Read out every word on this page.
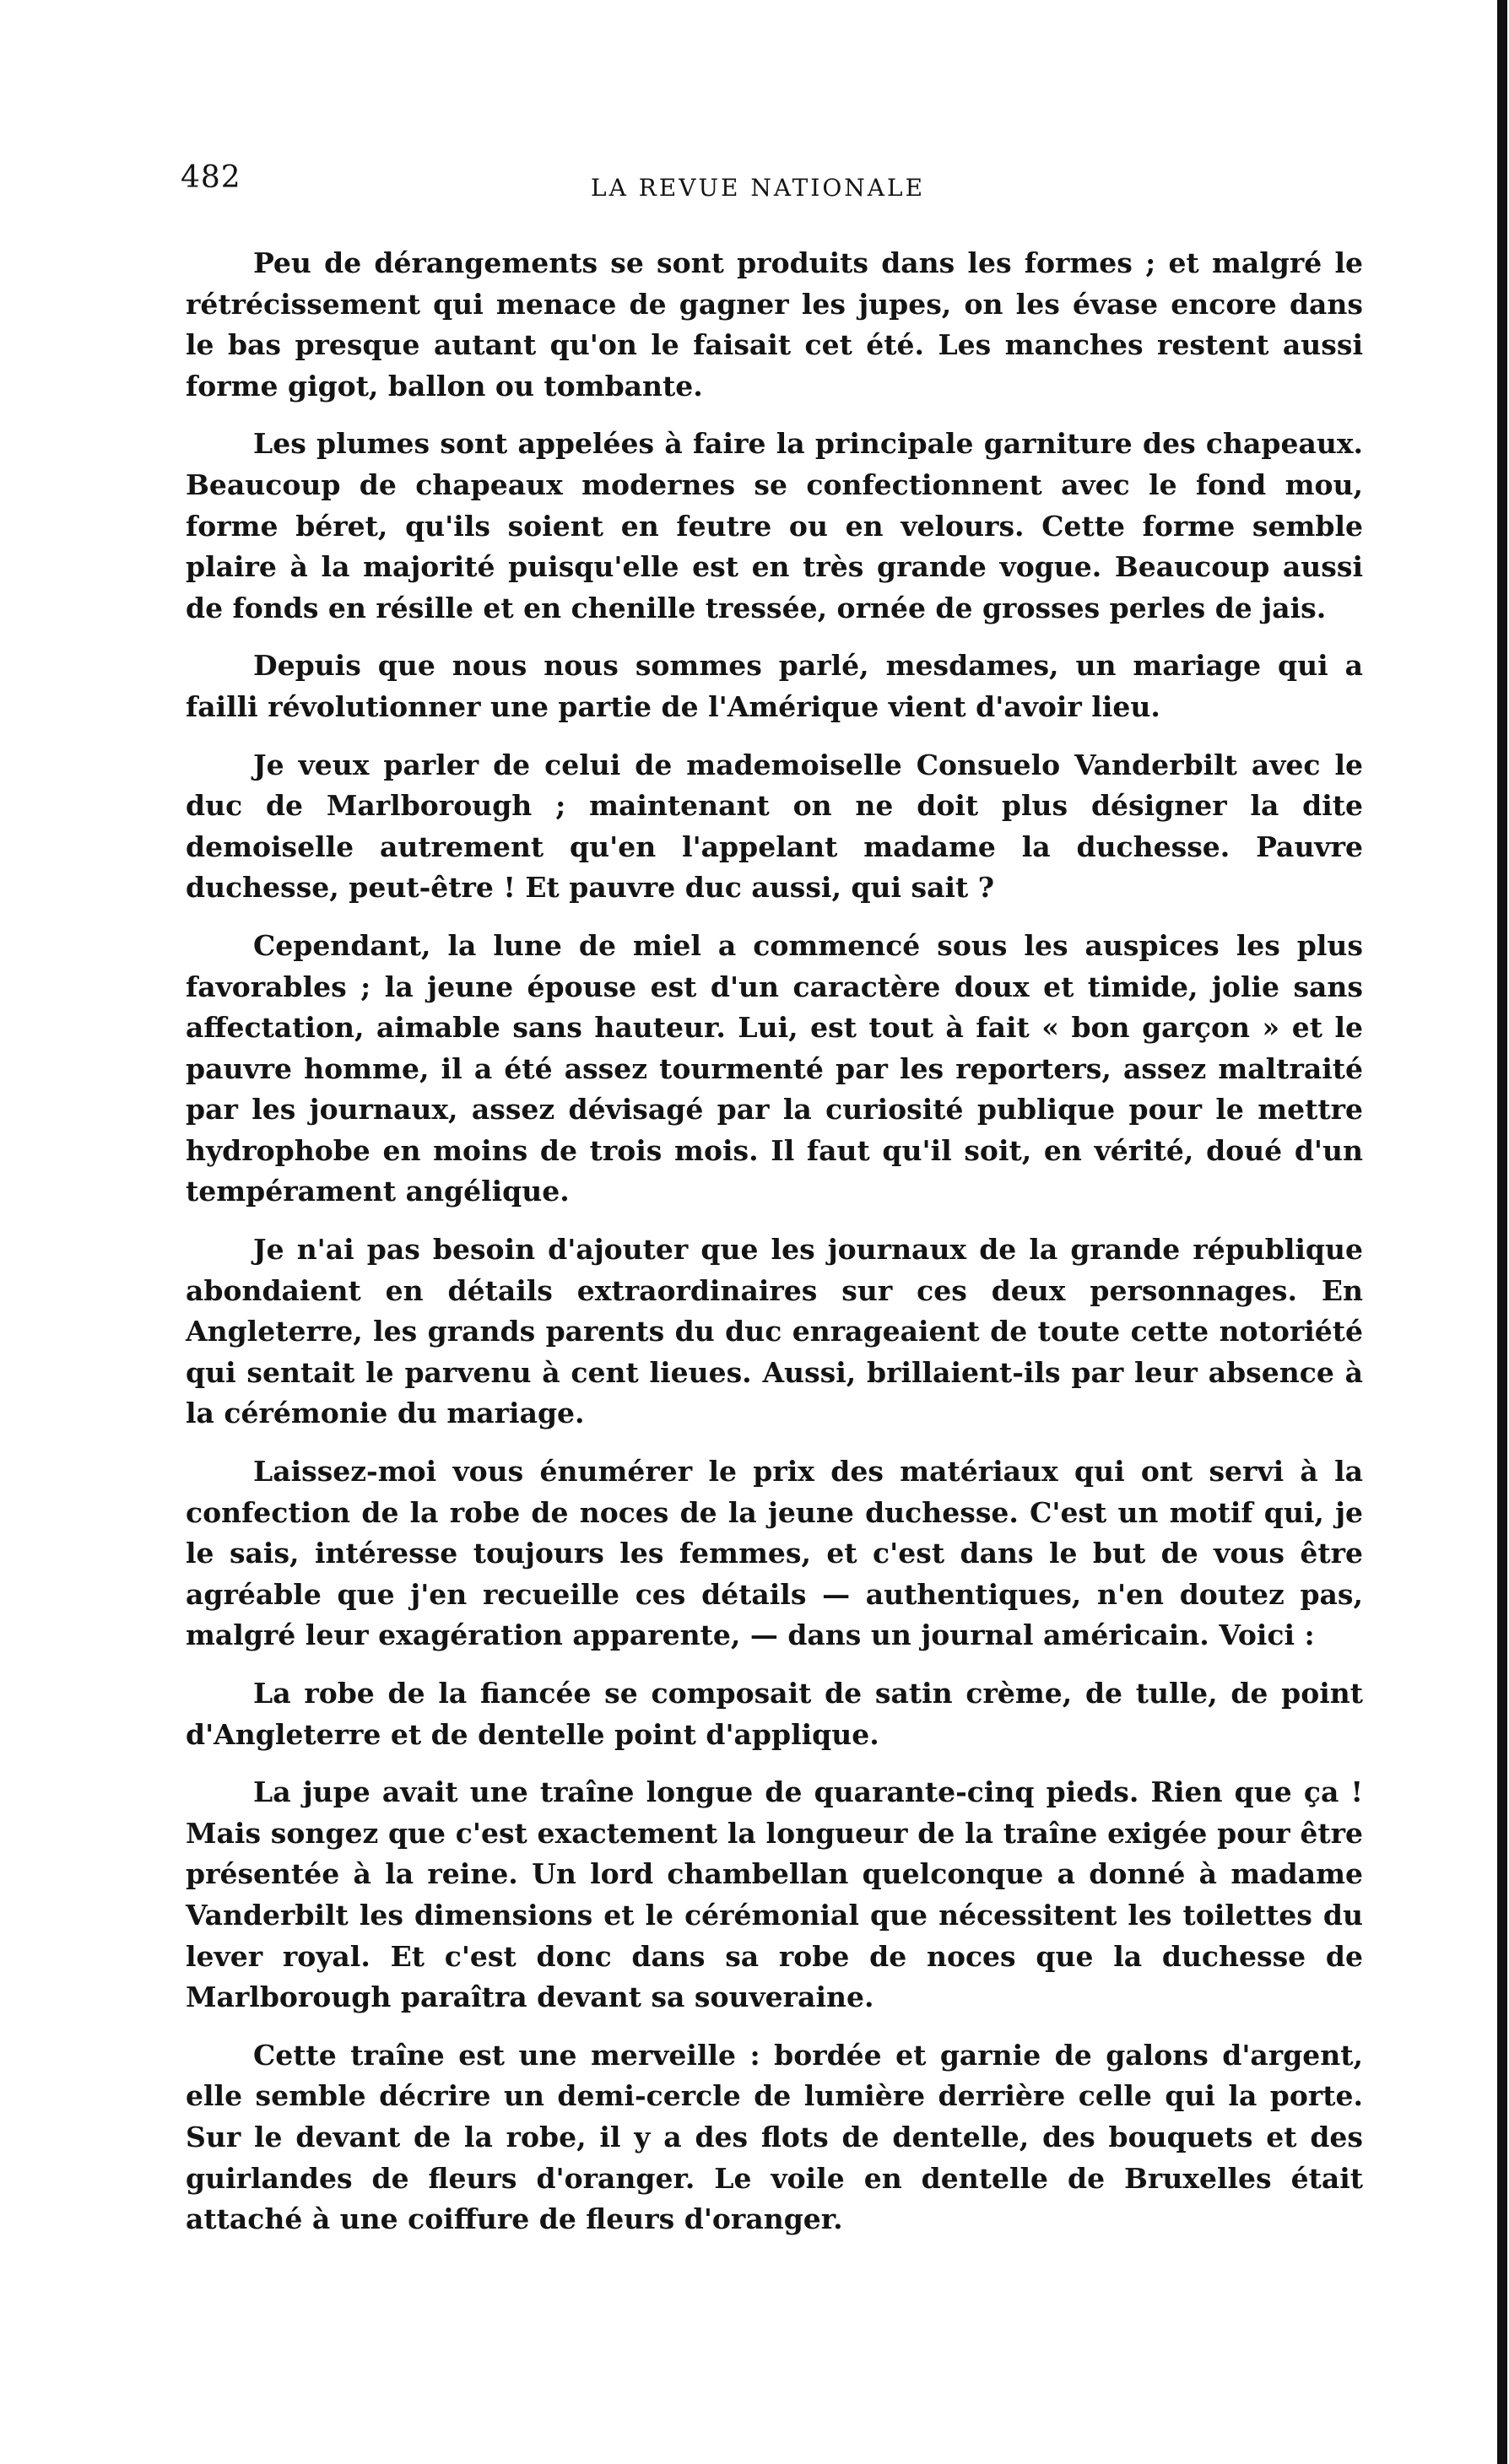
482	LA REVUE NATIONALE

Peu de dérangements se sont produits dans les formes ; et malgré le rétrécissement qui menace de gagner les jupes, on les évase encore dans le bas presque autant qu'on le faisait cet été. Les manches restent aussi forme gigot, ballon ou tombante.

Les plumes sont appelées à faire la principale garniture des chapeaux. Beaucoup de chapeaux modernes se confectionnent avec le fond mou, forme béret, qu'ils soient en feutre ou en velours. Cette forme semble plaire à la majorité puisqu'elle est en très grande vogue. Beaucoup aussi de fonds en résille et en chenille tressée, ornée de grosses perles de jais.

Depuis que nous nous sommes parlé, mesdames, un mariage qui a failli révolutionner une partie de l'Amérique vient d'avoir lieu.

Je veux parler de celui de mademoiselle Consuelo Vanderbilt avec le duc de Marlborough ; maintenant on ne doit plus désigner la dite demoiselle autrement qu'en l'appelant madame la duchesse. Pauvre duchesse, peut-être ! Et pauvre duc aussi, qui sait ?

Cependant, la lune de miel a commencé sous les auspices les plus favorables ; la jeune épouse est d'un caractère doux et timide, jolie sans affectation, aimable sans hauteur. Lui, est tout à fait « bon garçon » et le pauvre homme, il a été assez tourmenté par les reporters, assez maltraité par les journaux, assez dévisagé par la curiosité publique pour le mettre hydrophobe en moins de trois mois. Il faut qu'il soit, en vérité, doué d'un tempérament angélique.

Je n'ai pas besoin d'ajouter que les journaux de la grande république abondaient en détails extraordinaires sur ces deux personnages. En Angleterre, les grands parents du duc enrageaient de toute cette notoriété qui sentait le parvenu à cent lieues. Aussi, brillaient-ils par leur absence à la cérémonie du mariage.

Laissez-moi vous énumérer le prix des matériaux qui ont servi à la confection de la robe de noces de la jeune duchesse. C'est un motif qui, je le sais, intéresse toujours les femmes, et c'est dans le but de vous être agréable que j'en recueille ces détails — authentiques, n'en doutez pas, malgré leur exagération apparente, — dans un journal américain. Voici :

La robe de la fiancée se composait de satin crème, de tulle, de point d'Angleterre et de dentelle point d'applique.

La jupe avait une traîne longue de quarante-cinq pieds. Rien que ça ! Mais songez que c'est exactement la longueur de la traîne exigée pour être présentée à la reine. Un lord chambellan quelconque a donné à madame Vanderbilt les dimensions et le cérémonial que nécessitent les toilettes du lever royal. Et c'est donc dans sa robe de noces que la duchesse de Marlborough paraîtra devant sa souveraine.

Cette traîne est une merveille : bordée et garnie de galons d'argent, elle semble décrire un demi-cercle de lumière derrière celle qui la porte. Sur le devant de la robe, il y a des flots de dentelle, des bouquets et des guirlandes de fleurs d'oranger. Le voile en dentelle de Bruxelles était attaché à une coiffure de fleurs d'oranger.
